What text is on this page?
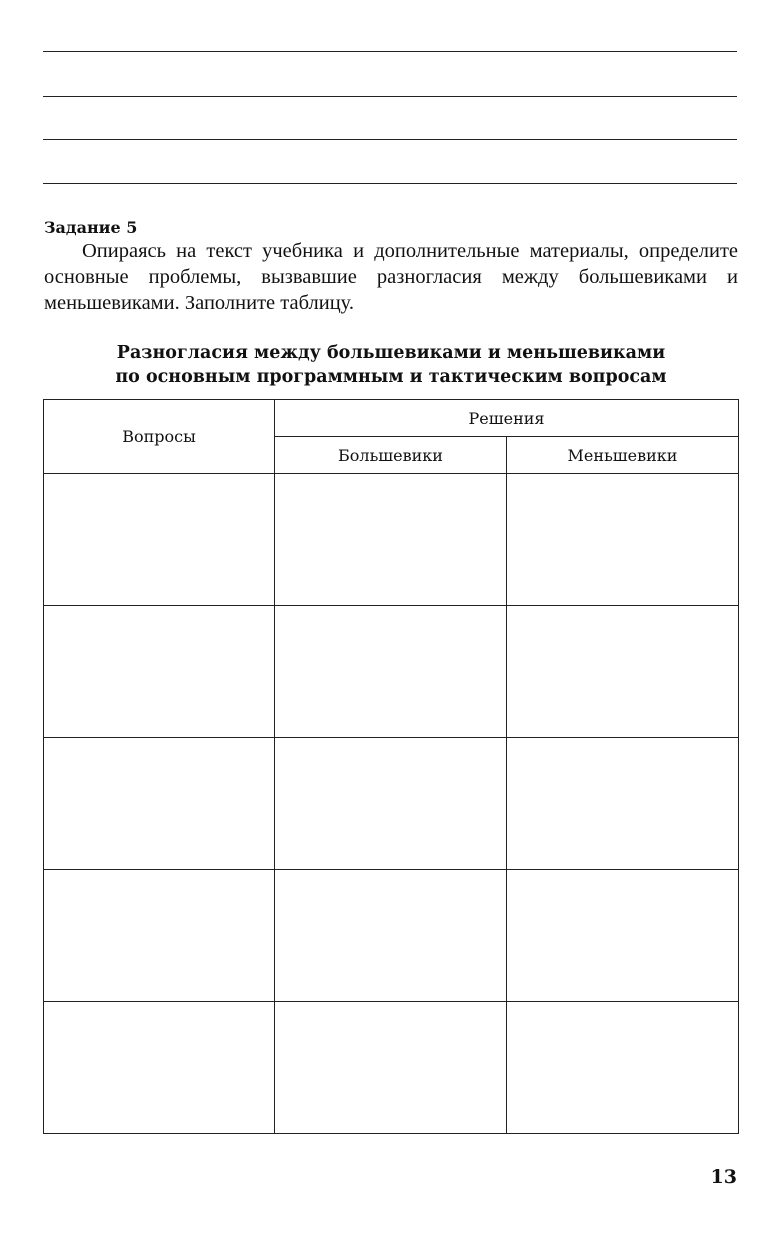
Задание 5

Опираясь на текст учебника и дополнительные материалы, определите основные проблемы, вызвавшие разногласия между большевиками и меньшевиками. Заполните таблицу.

Разногласия между большевиками и меньшевиками
по основным программным и тактическим вопросам
Вопросы	Решения	
	Большевики	Меньшевики

13
